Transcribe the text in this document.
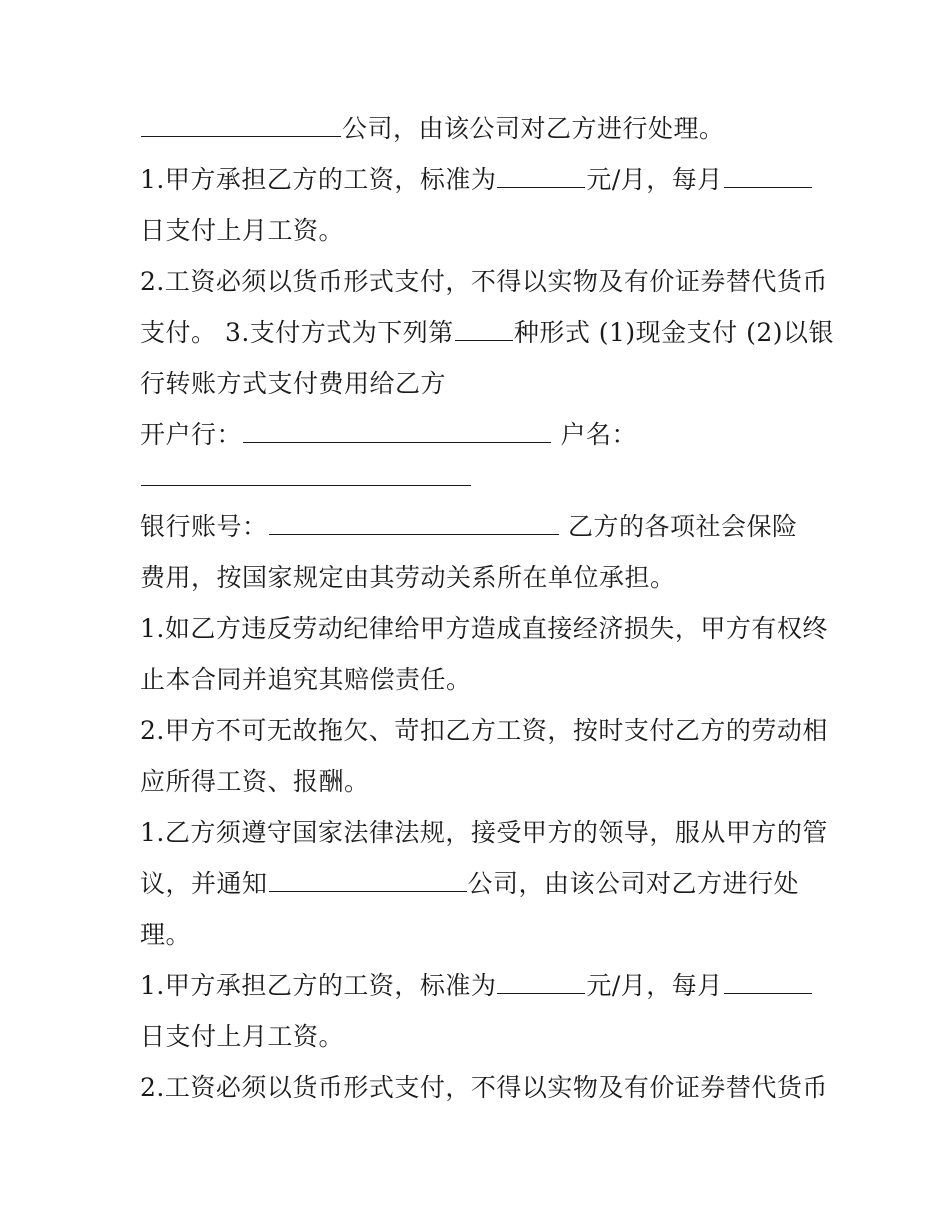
公司，由该公司对乙方进行处理。
1.甲方承担乙方的工资，标准为	元/月，每月
日支付上月工资。
2.工资必须以货币形式支付，不得以实物及有价证券替代货币
支付。 3.支付方式为下列第 种形式 (1)现金支付 (2)以银
行转账方式支付费用给乙方
开户行：	户名：
银行账号：	乙方的各项社会保险
费用，按国家规定由其劳动关系所在单位承担。
1.如乙方违反劳动纪律给甲方造成直接经济损失，甲方有权终
止本合同并追究其赔偿责任。
2.甲方不可无故拖欠、苛扣乙方工资，按时支付乙方的劳动相
应所得工资、报酬。
1.乙方须遵守国家法律法规，接受甲方的领导，服从甲方的管
议，并通知	公司，由该公司对乙方进行处
理。
1.甲方承担乙方的工资，标准为	元/月，每月
日支付上月工资。
2.工资必须以货币形式支付，不得以实物及有价证券替代货币
